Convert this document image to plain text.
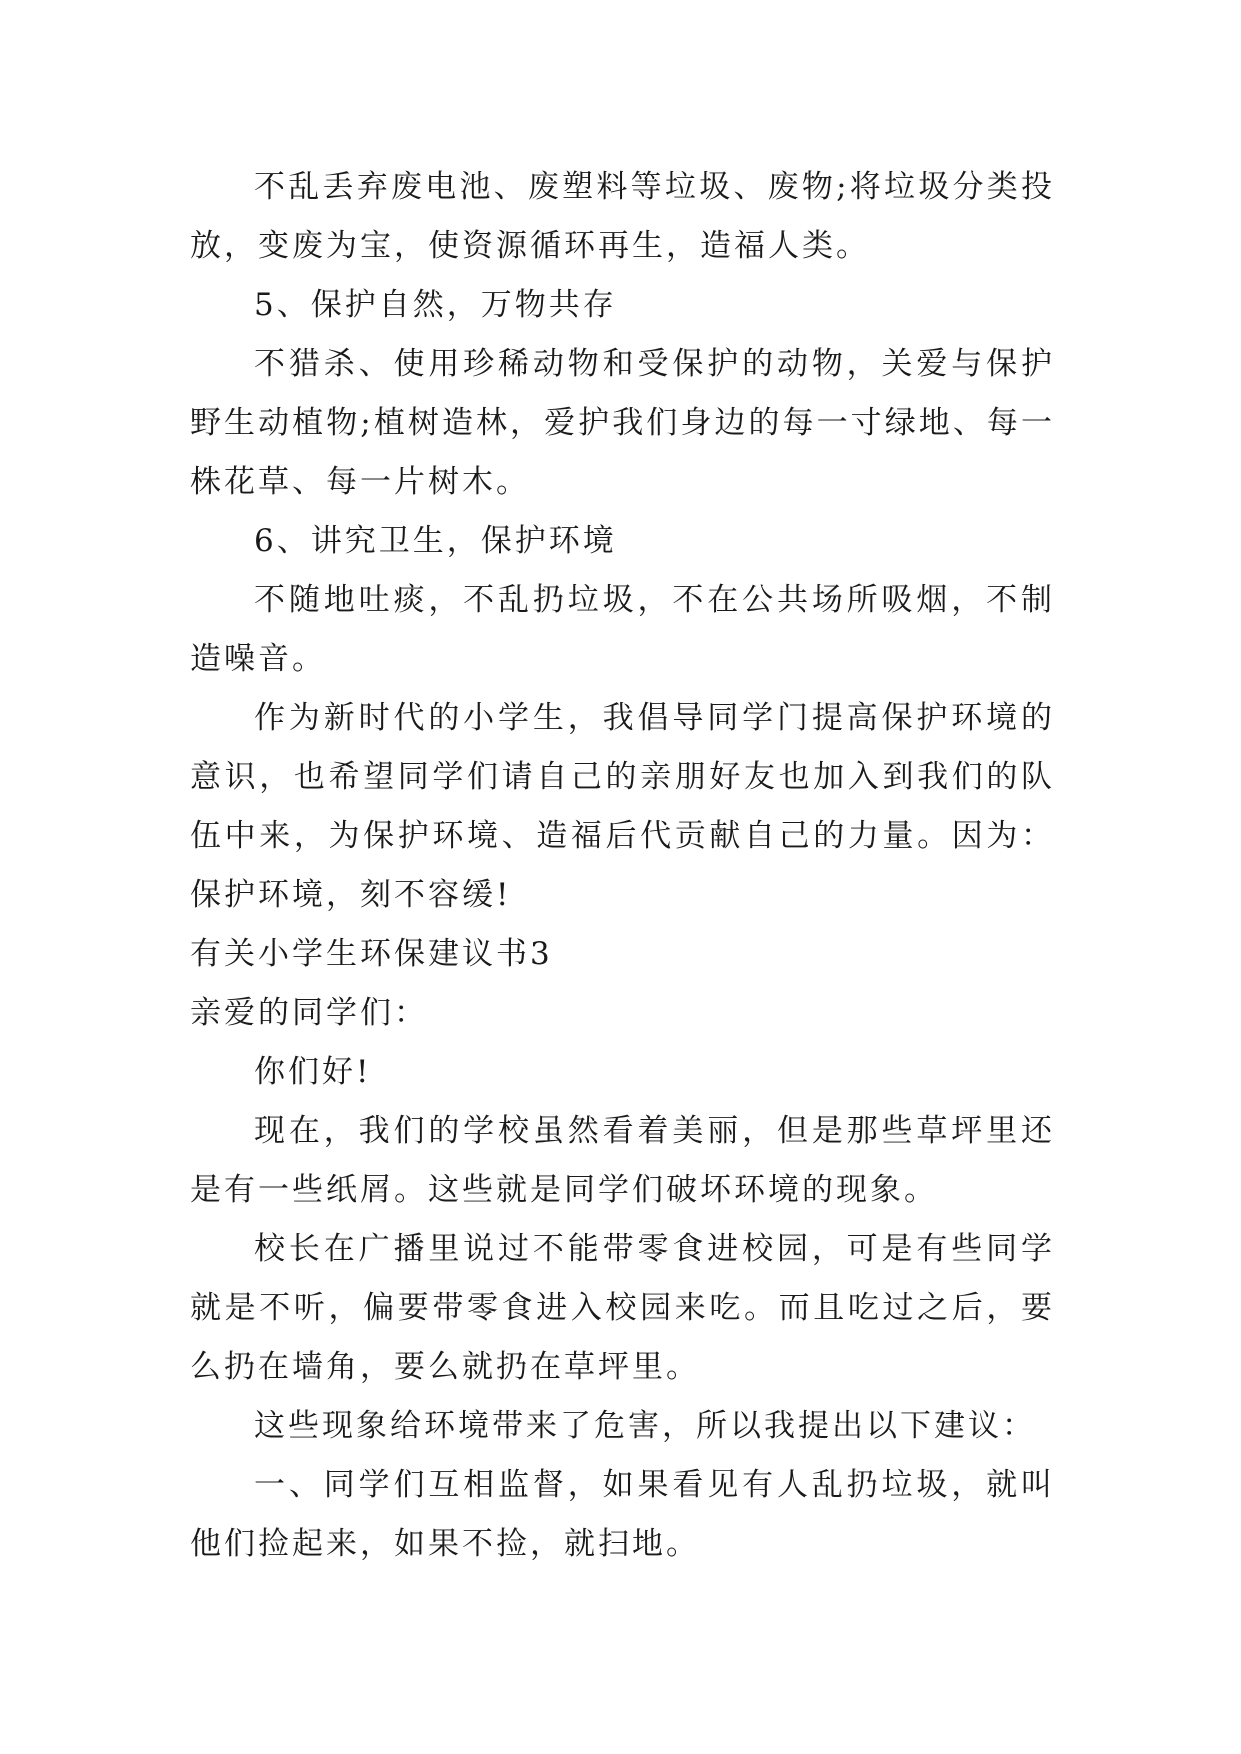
不乱丢弃废电池、废塑料等垃圾、废物;将垃圾分类投放，变废为宝，使资源循环再生，造福人类。

5、保护自然，万物共存

不猎杀、使用珍稀动物和受保护的动物，关爱与保护野生动植物;植树造林，爱护我们身边的每一寸绿地、每一株花草、每一片树木。

6、讲究卫生，保护环境

不随地吐痰，不乱扔垃圾，不在公共场所吸烟，不制造噪音。

作为新时代的小学生，我倡导同学门提高保护环境的意识，也希望同学们请自己的亲朋好友也加入到我们的队伍中来，为保护环境、造福后代贡献自己的力量。因为：保护环境，刻不容缓!

有关小学生环保建议书3

亲爱的同学们：

你们好!

现在，我们的学校虽然看着美丽，但是那些草坪里还是有一些纸屑。这些就是同学们破坏环境的现象。

校长在广播里说过不能带零食进校园，可是有些同学就是不听，偏要带零食进入校园来吃。而且吃过之后，要么扔在墙角，要么就扔在草坪里。

这些现象给环境带来了危害，所以我提出以下建议：

一、同学们互相监督，如果看见有人乱扔垃圾，就叫他们捡起来，如果不捡，就扫地。
